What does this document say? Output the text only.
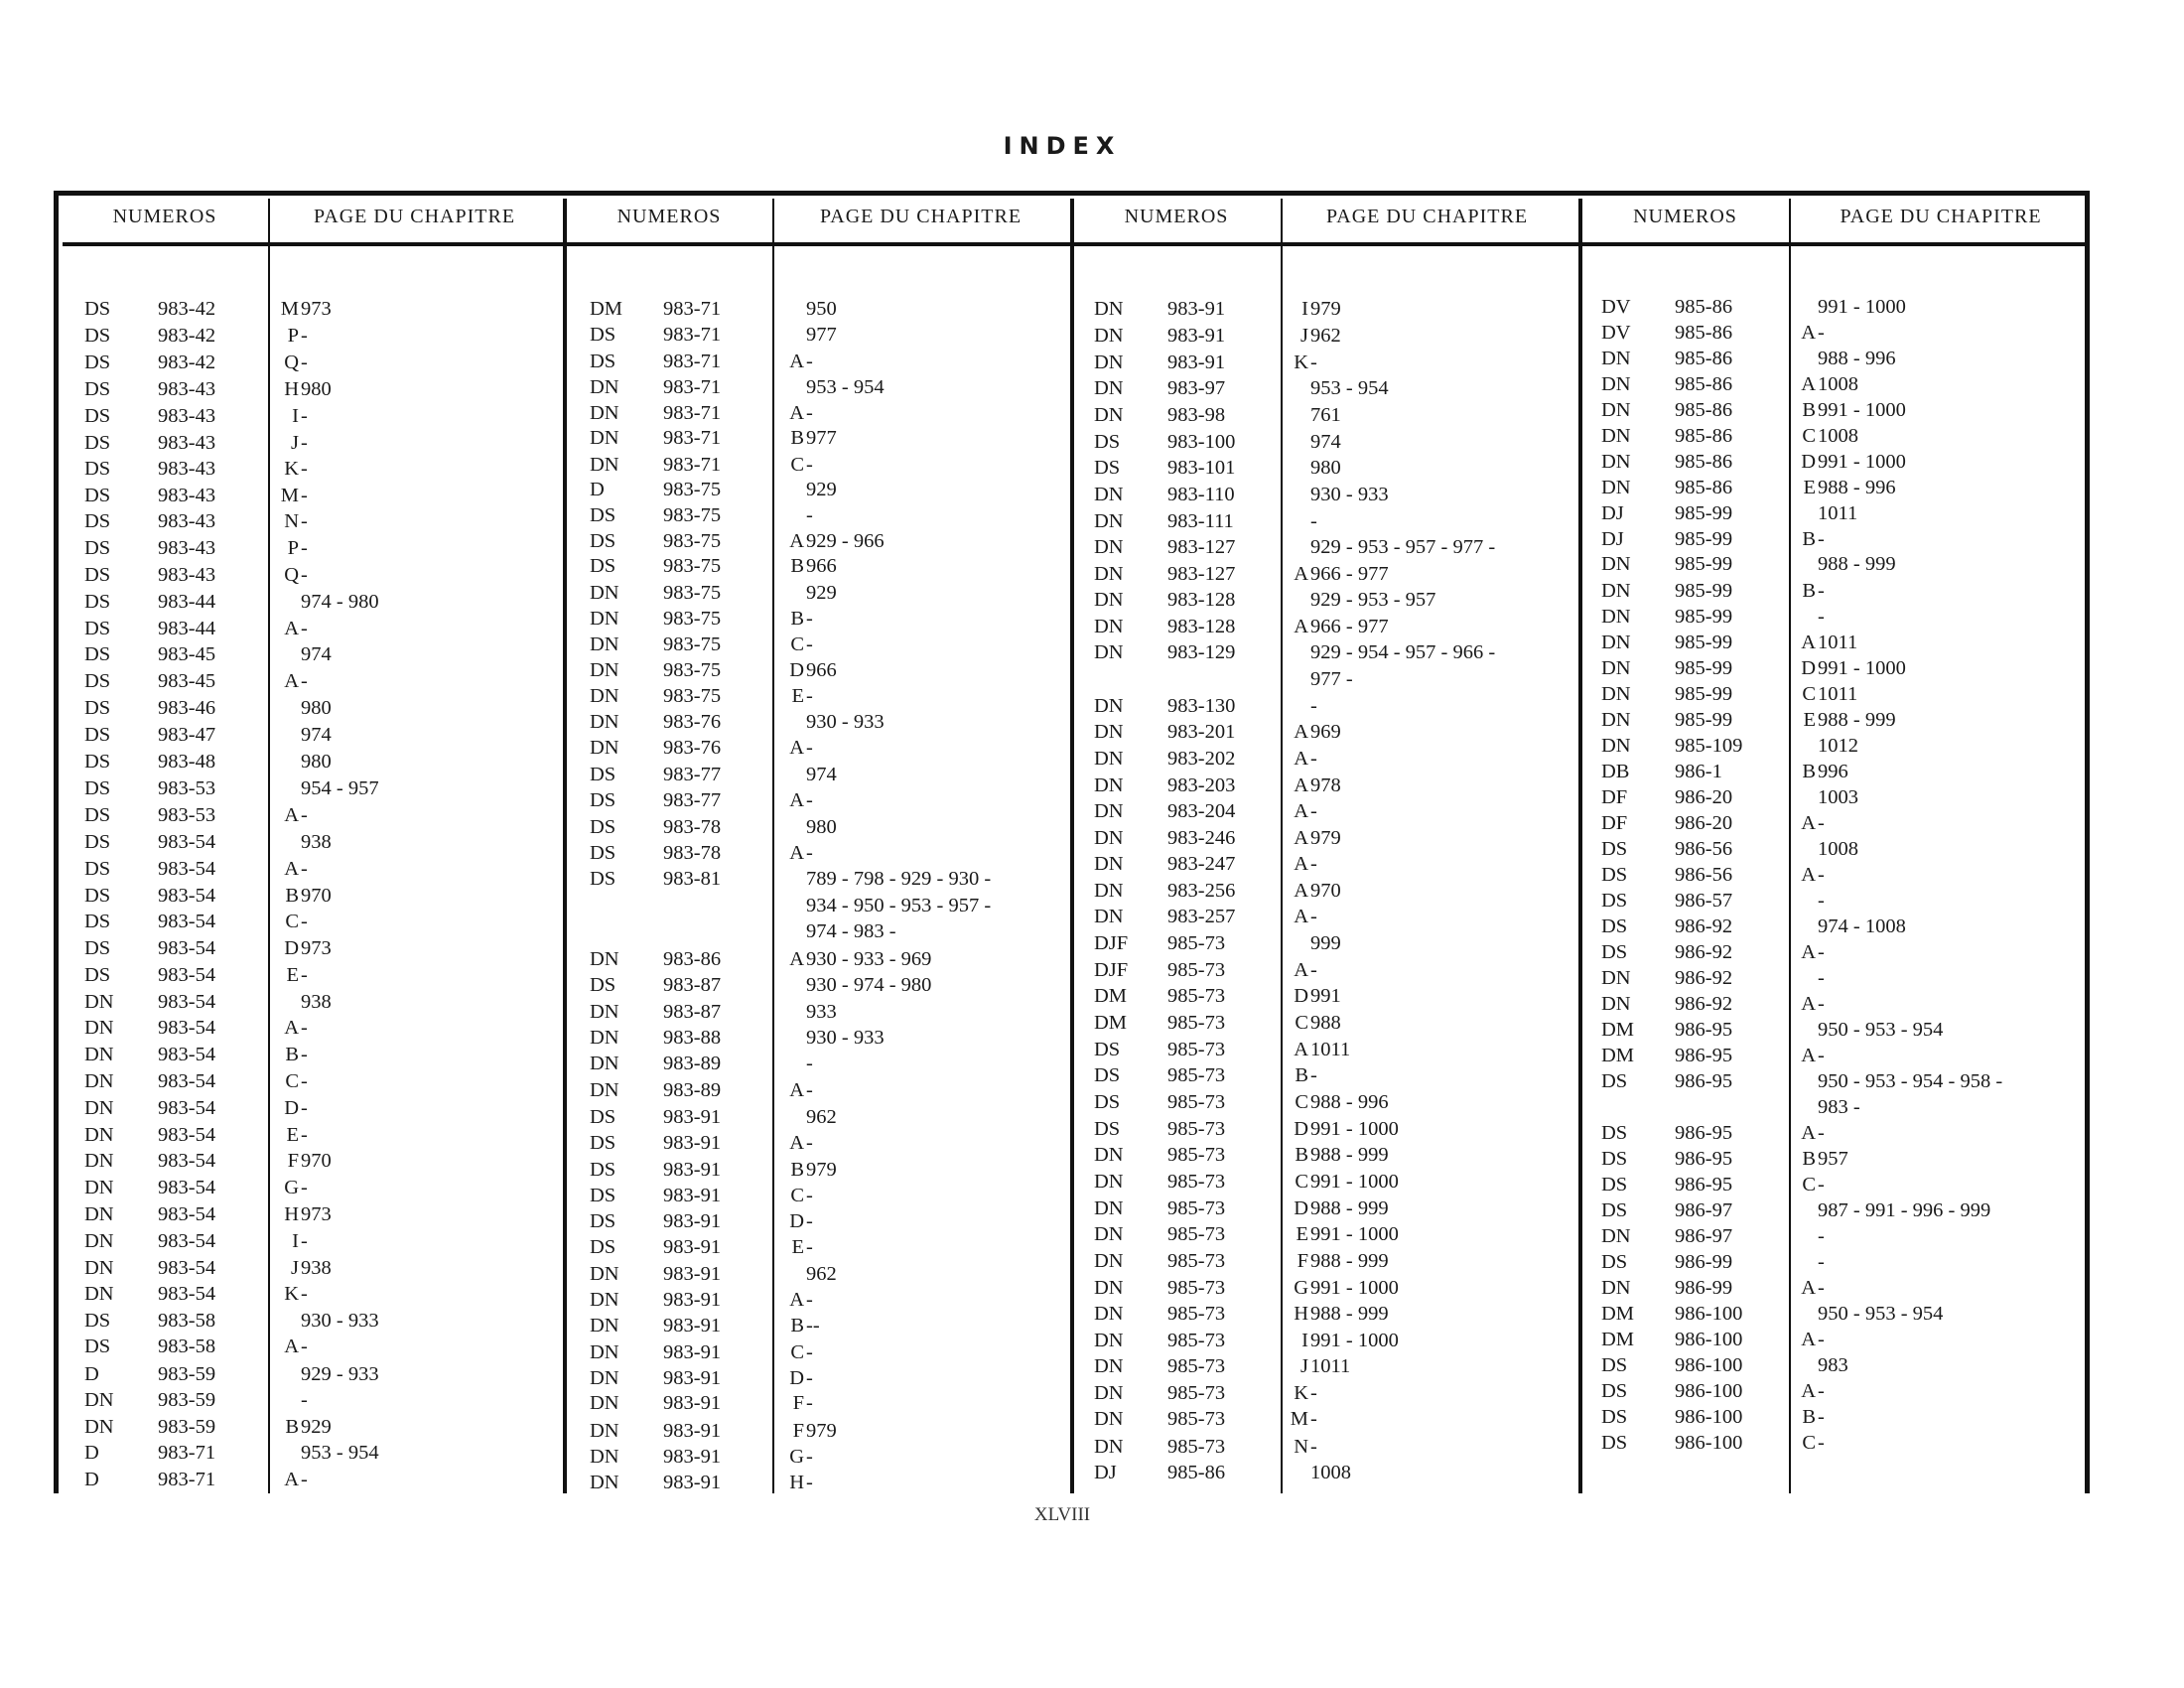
INDEX
NUMEROS	PAGE DU CHAPITRE	NUMEROS	PAGE DU CHAPITRE	NUMEROS	PAGE DU CHAPITRE	NUMEROS	PAGE DU CHAPITRE
DS 983-42	M 973
DS 983-42	P -
DS 983-42	Q -
DS 983-43	H 980
DS 983-43	I -
DS 983-43	J -
DS 983-43	K -
DS 983-43	M -
DS 983-43	N -
DS 983-43	P -
DS 983-43	Q -
DS 983-44	974 - 980
DS 983-44	A -
DS 983-45	974
DS 983-45	A -
DS 983-46	980
DS 983-47	974
DS 983-48	980
DS 983-53	954 - 957
DS 983-53	A -
DS 983-54	938
DS 983-54	A -
DS 983-54	B 970
DS 983-54	C -
DS 983-54	D 973
DS 983-54	E -
DN 983-54	938
DN 983-54	A -
DN 983-54	B -
DN 983-54	C -
DN 983-54	D -
DN 983-54	E -
DN 983-54	F 970
DN 983-54	G -
DN 983-54	H 973
DN 983-54	I -
DN 983-54	J 938
DN 983-54	K -
DS 983-58	930 - 933
DS 983-58	A -
D	983-59	929 - 933
DN 983-59	-
DN 983-59	B 929
D	983-71	953 - 954
D	983-71	A -
DM 983-71	950
DS 983-71	977
DS 983-71	A -
DN 983-71	953 - 954
DN 983-71	A -
DN 983-71	B 977
DN 983-71	C -
D	983-75	929
DS 983-75	-
DS 983-75	A 929 - 966
DS 983-75	B 966
DN 983-75	929
DN 983-75	B -
DN 983-75	C -
DN 983-75	D 966
DN 983-75	E -
DN 983-76	930 - 933
DN 983-76	A -
DS 983-77	974
DS 983-77	A -
DS 983-78	980
DS 983-78	A -
DS 983-81	789 - 798 - 929 - 930 -
934 - 950 - 953 - 957 -
974 - 983 -
DN 983-86	A 930 - 933 - 969
DS 983-87	930 - 974 - 980
DN 983-87	933
DN 983-88	930 - 933
DN 983-89	-
DN 983-89	A -
DS 983-91	962
DS 983-91	A -
DS 983-91	B 979
DS 983-91	C -
DS 983-91	D -
DS 983-91	E -
DN 983-91	962
DN 983-91	A -
DN 983-91	B --
DN 983-91	C -
DN 983-91	D -
DN 983-91	F -
DN 983-91	F 979
DN 983-91	G -
DN 983-91	H -
DN 983-91	I 979
DN 983-91	J 962
DN 983-91	K -
DN 983-97	953 - 954
DN 983-98	761
DS 983-100	974
DS 983-101	980
DN 983-110	930 - 933
DN 983-111	-
DN 983-127	929 - 953 - 957 - 977 -
DN 983-127	A 966 - 977
DN 983-128	929 - 953 - 957
DN 983-128	A 966 - 977
DN 983-129	929 - 954 - 957 - 966 -
977 -
DN 983-130	-
DN 983-201	A 969
DN 983-202	A -
DN 983-203	A 978
DN 983-204	A -
DN 983-246	A 979
DN 983-247	A -
DN 983-256	A 970
DN 983-257	A -
DJF 985-73	999
DJF 985-73	A -
DM 985-73	D 991
DM 985-73	C 988
DS 985-73	A 1011
DS 985-73	B -
DS 985-73	C 988 - 996
DS 985-73	D 991 - 1000
DN 985-73	B 988 - 999
DN 985-73	C 991 - 1000
DN 985-73	D 988 - 999
DN 985-73	E 991 - 1000
DN 985-73	F 988 - 999
DN 985-73	G 991 - 1000
DN 985-73	H 988 - 999
DN 985-73	I 991 - 1000
DN 985-73	J 1011
DN 985-73	K -
DN 985-73	M -
DN 985-73	N -
DJ 985-86	1008
DV 985-86	991 - 1000
DV 985-86	A -
DN 985-86	988 - 996
DN 985-86	A 1008
DN 985-86	B 991 - 1000
DN 985-86	C 1008
DN 985-86	D 991 - 1000
DN 985-86	E 988 - 996
DJ 985-99	1011
DJ 985-99	B -
DN 985-99	988 - 999
DN 985-99	B -
DN 985-99	-
DN 985-99	A 1011
DN 985-99	D 991 - 1000
DN 985-99	C 1011
DN 985-99	E 988 - 999
DN 985-109	1012
DB 986-1	B 996
DF 986-20	1003
DF 986-20	A -
DS 986-56	1008
DS 986-56	A -
DS 986-57	-
DS 986-92	974 - 1008
DS 986-92	A -
DN 986-92	-
DN 986-92	A -
DM 986-95	950 - 953 - 954
DM 986-95	A -
DS 986-95	950 - 953 - 954 - 958 -
983 -
DS 986-95	A -
DS 986-95	B 957
DS 986-95	C -
DS 986-97	987 - 991 - 996 - 999
DN 986-97	-
DS 986-99	-
DN 986-99	A -
DM 986-100	950 - 953 - 954
DM 986-100	A -
DS 986-100	983
DS 986-100	A -
DS 986-100	B -
DS 986-100	C -
XLVIII
